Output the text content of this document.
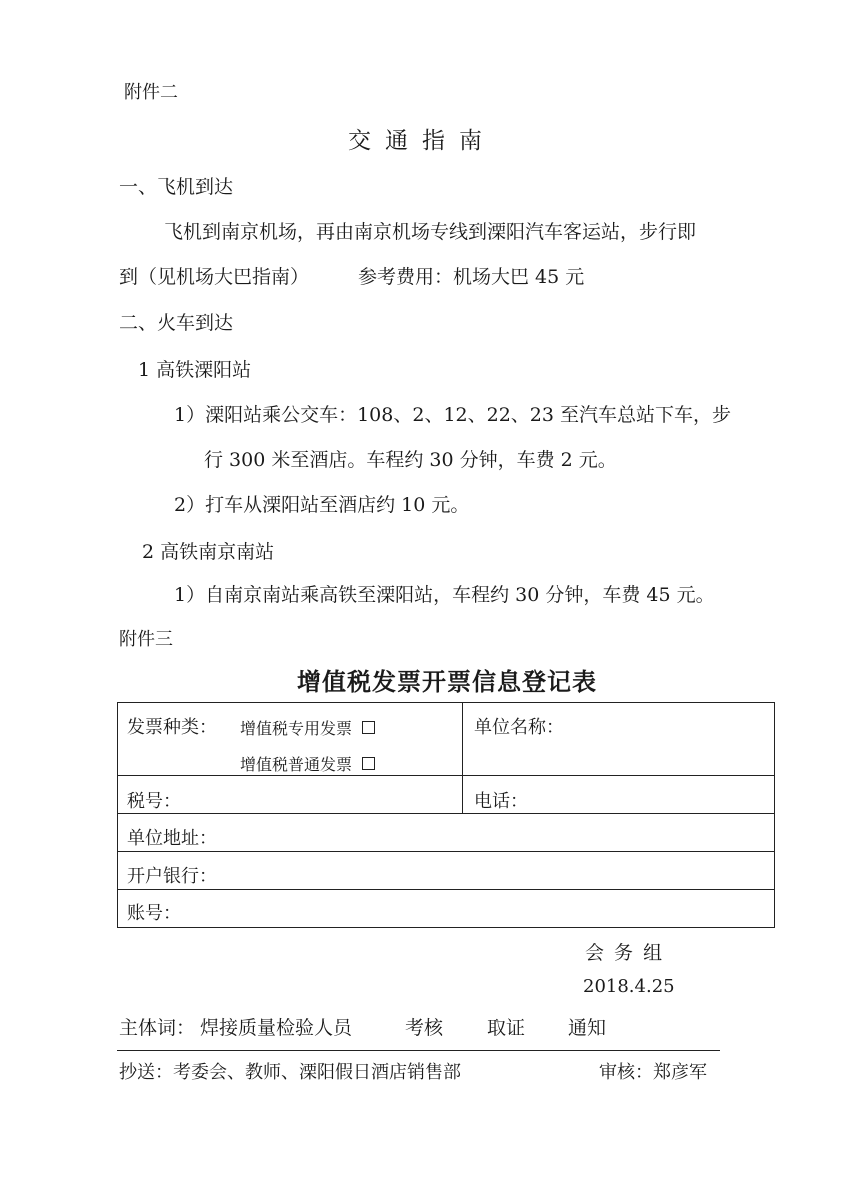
附件二
交通指南
一、飞机到达
飞机到南京机场，再由南京机场专线到溧阳汽车客运站，步行即
到（见机场大巴指南）	参考费用：机场大巴 45 元
二、火车到达
1 高铁溧阳站
1）溧阳站乘公交车：108、2、12、22、23 至汽车总站下车，步
行 300 米至酒店。车程约 30 分钟，车费 2 元。
2）打车从溧阳站至酒店约 10 元。
2 高铁南京南站
1）自南京南站乘高铁至溧阳站，车程约 30 分钟，车费 45 元。
附件三
增值税发票开票信息登记表
发票种类： 增值税专用发票
增值税普通发票
单位名称：
税号：	电话：
单位地址：
开户银行：
账号：
会 务 组
2018.4.25
主体词： 焊接质量检验人员	考核 取证 通知
抄送：考委会、教师、溧阳假日酒店销售部	审核：郑彦军
